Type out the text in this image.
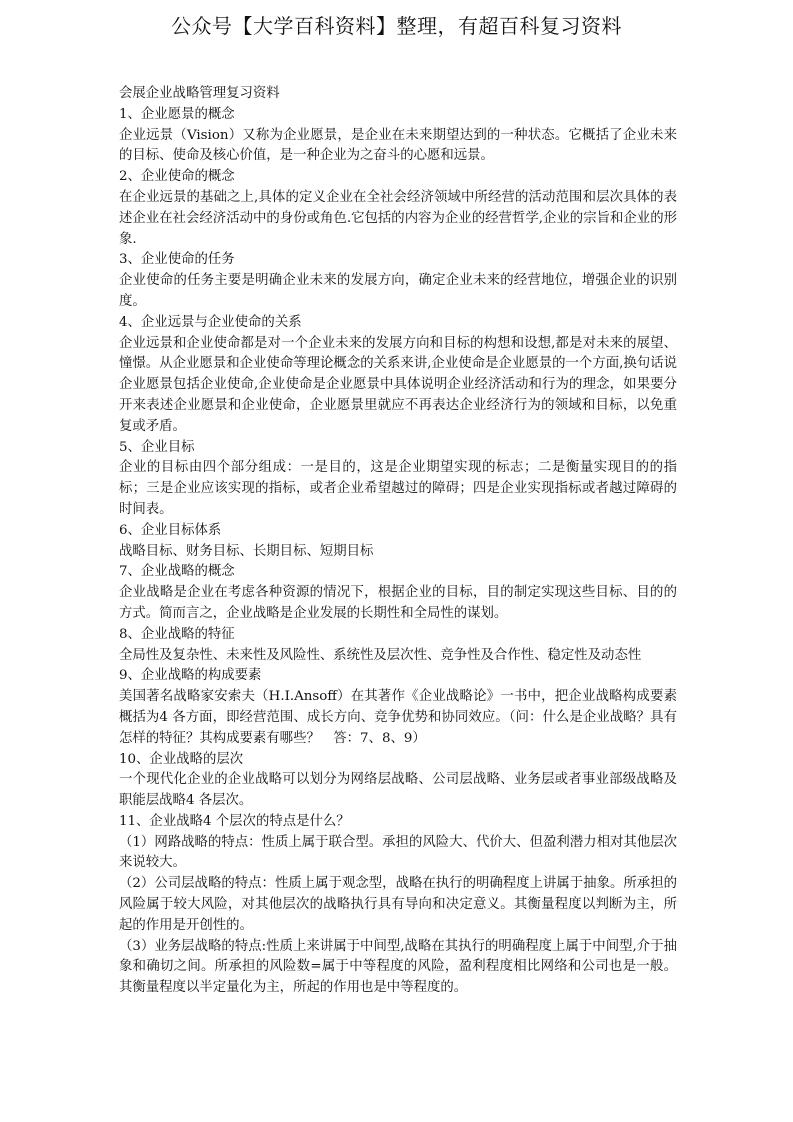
公众号【大学百科资料】整理，有超百科复习资料
会展企业战略管理复习资料
1、企业愿景的概念
企业远景（Vision）又称为企业愿景，是企业在未来期望达到的一种状态。它概括了企业未来的目标、使命及核心价值，是一种企业为之奋斗的心愿和远景。
2、企业使命的概念
在企业远景的基础之上,具体的定义企业在全社会经济领域中所经营的活动范围和层次具体的表述企业在社会经济活动中的身份或角色.它包括的内容为企业的经营哲学,企业的宗旨和企业的形象.
3、企业使命的任务
企业使命的任务主要是明确企业未来的发展方向，确定企业未来的经营地位，增强企业的识别度。
4、企业远景与企业使命的关系
企业远景和企业使命都是对一个企业未来的发展方向和目标的构想和设想,都是对未来的展望、憧憬。从企业愿景和企业使命等理论概念的关系来讲,企业使命是企业愿景的一个方面,换句话说企业愿景包括企业使命,企业使命是企业愿景中具体说明企业经济活动和行为的理念，如果要分开来表述企业愿景和企业使命，企业愿景里就应不再表达企业经济行为的领域和目标，以免重复或矛盾。
5、企业目标
企业的目标由四个部分组成：一是目的，这是企业期望实现的标志；二是衡量实现目的的指标；三是企业应该实现的指标，或者企业希望越过的障碍；四是企业实现指标或者越过障碍的时间表。
6、企业目标体系
战略目标、财务目标、长期目标、短期目标
7、企业战略的概念
企业战略是企业在考虑各种资源的情况下，根据企业的目标，目的制定实现这些目标、目的的方式。简而言之，企业战略是企业发展的长期性和全局性的谋划。
8、企业战略的特征
全局性及复杂性、未来性及风险性、系统性及层次性、竞争性及合作性、稳定性及动态性
9、企业战略的构成要素
美国著名战略家安索夫（H.I.Ansoff）在其著作《企业战略论》一书中，把企业战略构成要素概括为4 各方面，即经营范围、成长方向、竞争优势和协同效应。（问：什么是企业战略？具有怎样的特征？其构成要素有哪些？　答：7、8、9）
10、企业战略的层次
一个现代化企业的企业战略可以划分为网络层战略、公司层战略、业务层或者事业部级战略及职能层战略4 各层次。
11、企业战略4 个层次的特点是什么？
（1）网路战略的特点：性质上属于联合型。承担的风险大、代价大、但盈利潜力相对其他层次来说较大。
（2）公司层战略的特点：性质上属于观念型，战略在执行的明确程度上讲属于抽象。所承担的风险属于较大风险，对其他层次的战略执行具有导向和决定意义。其衡量程度以判断为主，所起的作用是开创性的。
（3）业务层战略的特点:性质上来讲属于中间型,战略在其执行的明确程度上属于中间型,介于抽象和确切之间。所承担的风险数=属于中等程度的风险，盈利程度相比网络和公司也是一般。其衡量程度以半定量化为主，所起的作用也是中等程度的。
